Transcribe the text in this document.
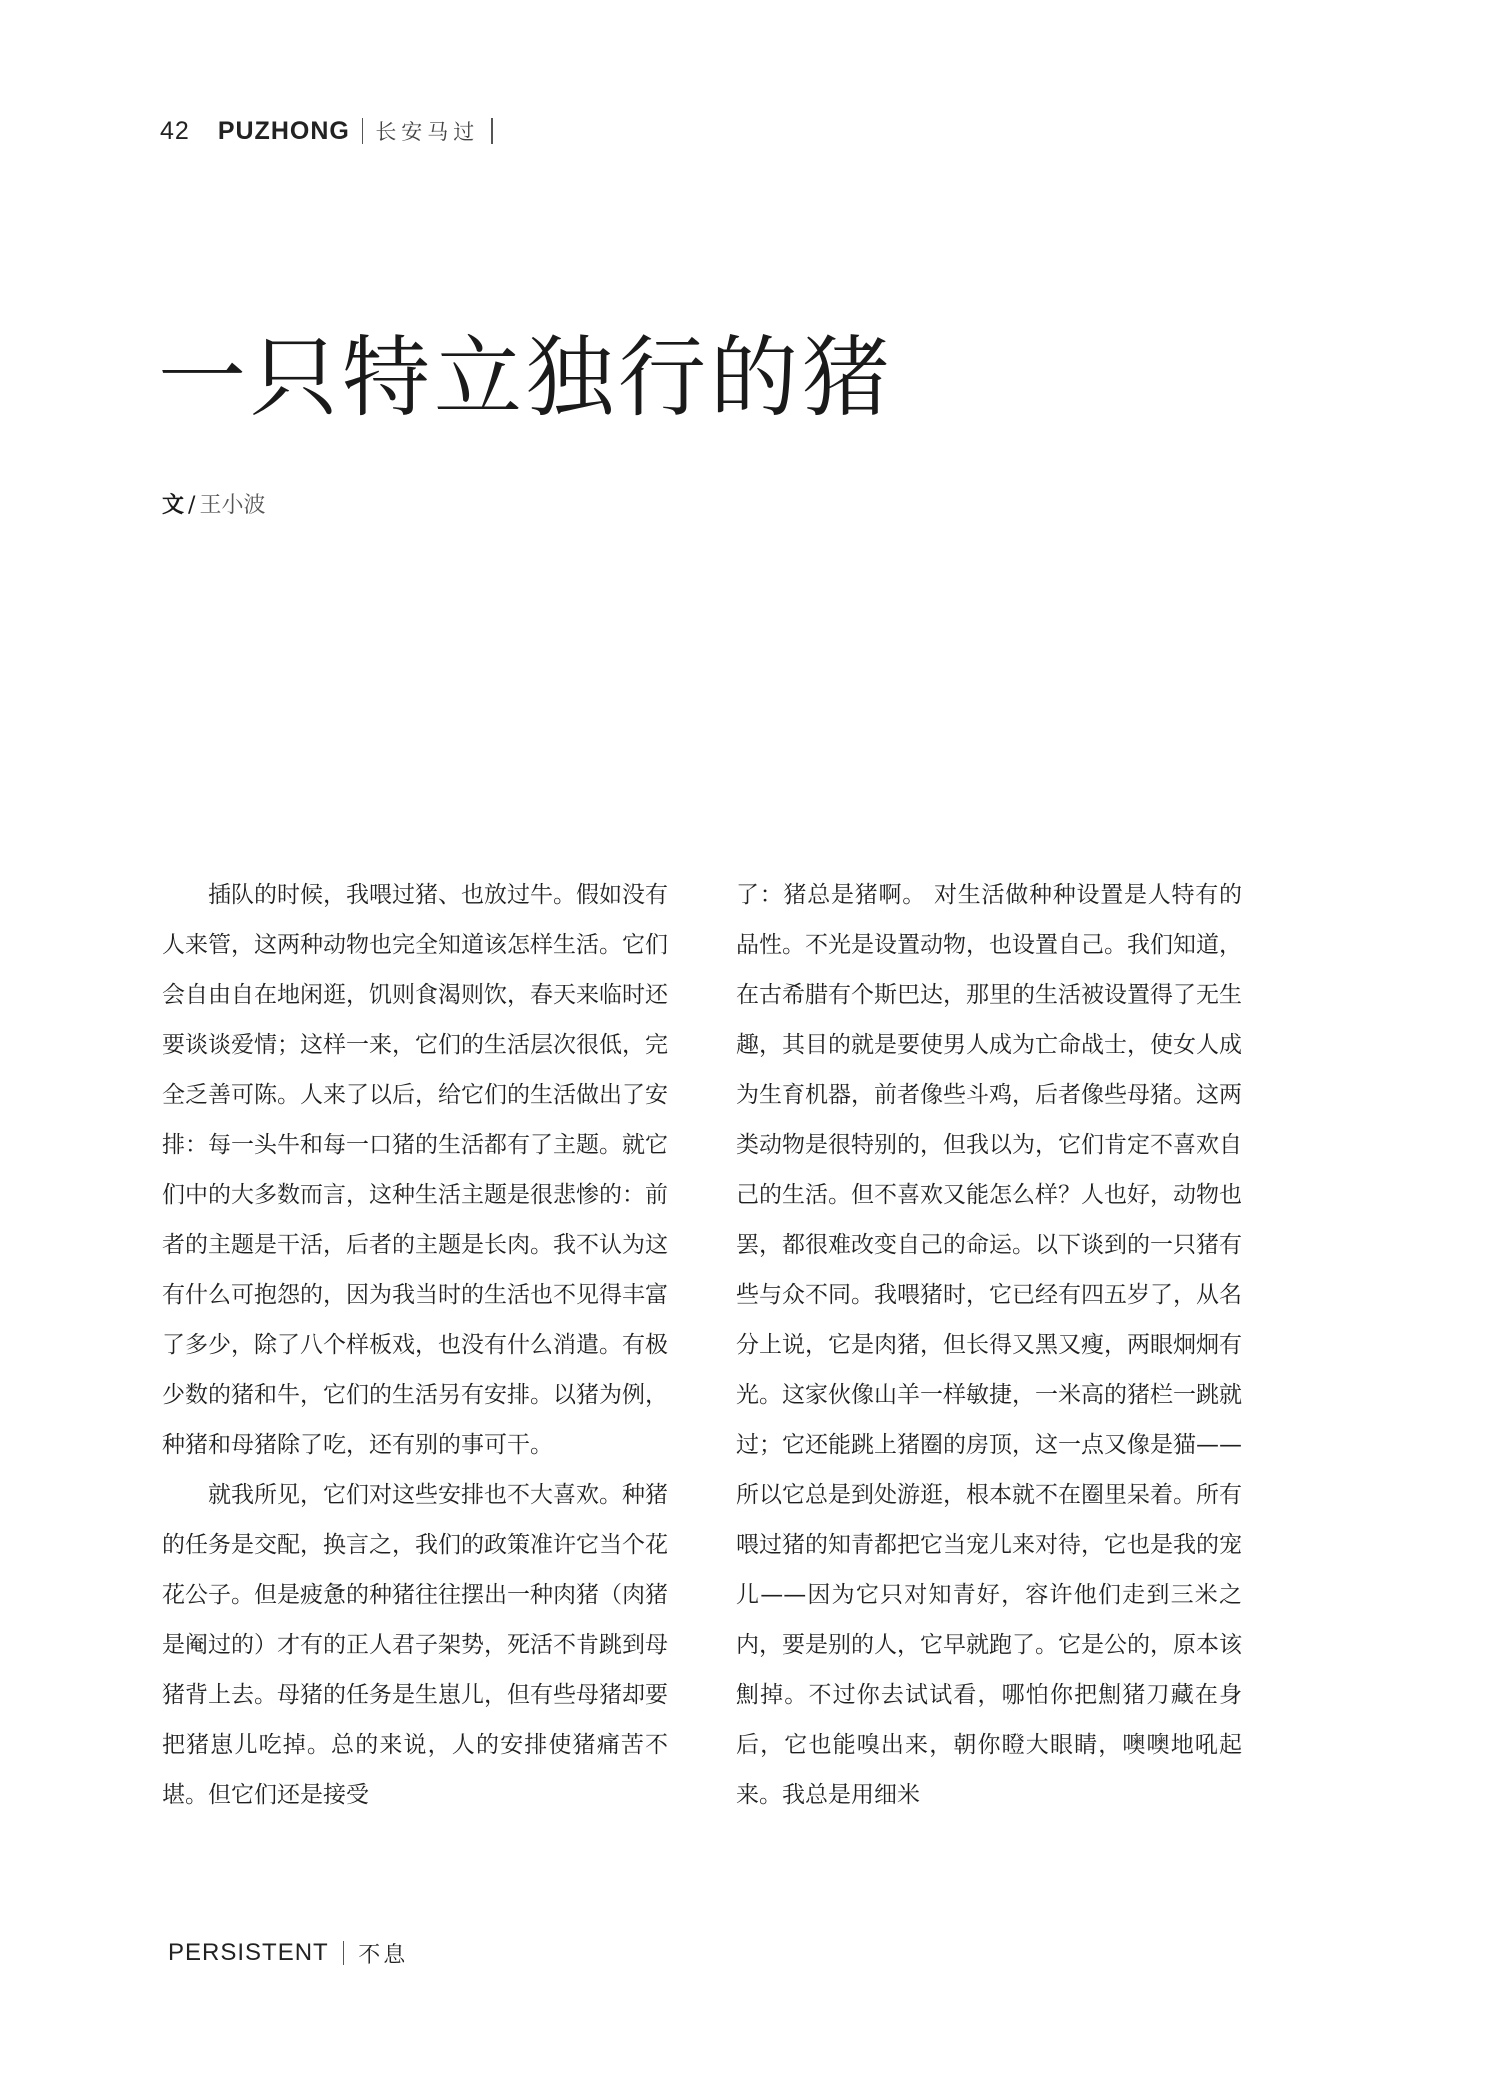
42 PUZHONG 长安马过
一只特立独行的猪
文 / 王小波

插队的时候，我喂过猪、也放过牛。假如没有人来管，这两种动物也完全知道该怎样生活。它们会自由自在地闲逛，饥则食渴则饮，春天来临时还要谈谈爱情；这样一来，它们的生活层次很低，完全乏善可陈。人来了以后，给它们的生活做出了安排：每一头牛和每一口猪的生活都有了主题。就它们中的大多数而言，这种生活主题是很悲惨的：前者的主题是干活，后者的主题是长肉。我不认为这有什么可抱怨的，因为我当时的生活也不见得丰富了多少，除了八个样板戏，也没有什么消遣。有极少数的猪和牛，它们的生活另有安排。以猪为例，种猪和母猪除了吃，还有别的事可干。

就我所见，它们对这些安排也不大喜欢。种猪的任务是交配，换言之，我们的政策准许它当个花花公子。但是疲惫的种猪往往摆出一种肉猪（肉猪是阉过的）才有的正人君子架势，死活不肯跳到母猪背上去。母猪的任务是生崽儿，但有些母猪却要把猪崽儿吃掉。总的来说，人的安排使猪痛苦不堪。但它们还是接受

了：猪总是猪啊。 对生活做种种设置是人特有的品性。不光是设置动物，也设置自己。我们知道，在古希腊有个斯巴达，那里的生活被设置得了无生趣，其目的就是要使男人成为亡命战士，使女人成为生育机器，前者像些斗鸡，后者像些母猪。这两类动物是很特别的，但我以为，它们肯定不喜欢自己的生活。但不喜欢又能怎么样？人也好，动物也罢，都很难改变自己的命运。以下谈到的一只猪有些与众不同。我喂猪时，它已经有四五岁了，从名分上说，它是肉猪，但长得又黑又瘦，两眼炯炯有光。这家伙像山羊一样敏捷，一米高的猪栏一跳就过；它还能跳上猪圈的房顶，这一点又像是猫——所以它总是到处游逛，根本就不在圈里呆着。所有喂过猪的知青都把它当宠儿来对待，它也是我的宠儿——因为它只对知青好，容许他们走到三米之内，要是别的人，它早就跑了。它是公的，原本该劁掉。不过你去试试看，哪怕你把劁猪刀藏在身后，它也能嗅出来，朝你瞪大眼睛，噢噢地吼起来。我总是用细米

PERSISTENT 不息
